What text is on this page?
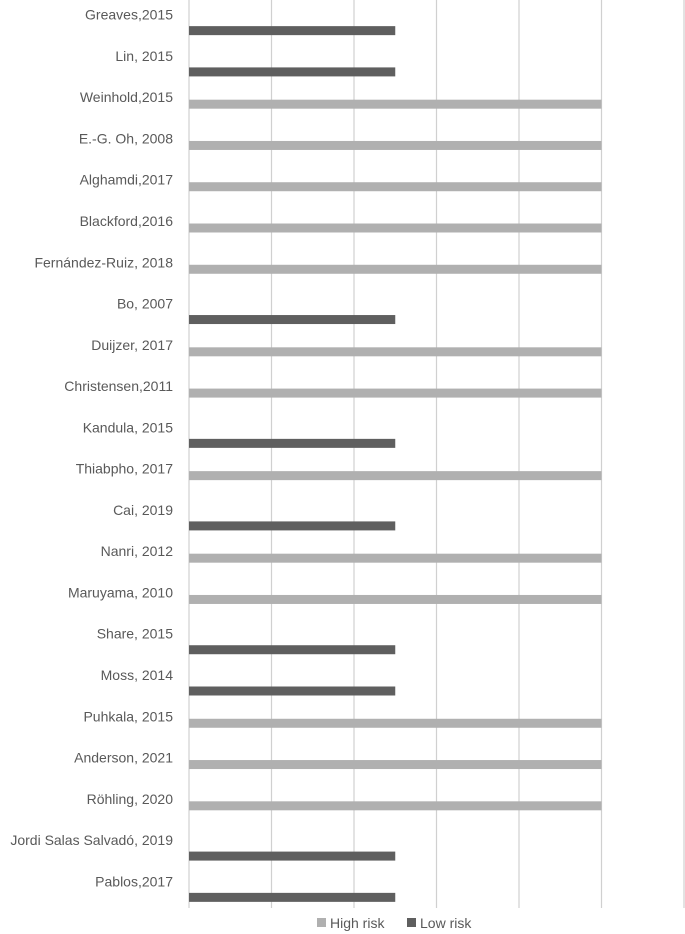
Greaves,2015
Lin, 2015
Weinhold,2015
E.-G. Oh, 2008
Alghamdi,2017
Blackford,2016
Fernández-Ruiz, 2018
Bo, 2007
Duijzer, 2017
Christensen,2011
Kandula, 2015
Thiabpho, 2017
Cai, 2019
Nanri, 2012
Maruyama, 2010
Share, 2015
Moss, 2014
Puhkala, 2015
Anderson, 2021
Röhling, 2020
Jordi Salas Salvadó, 2019
Pablos,2017
High risk	Low risk
